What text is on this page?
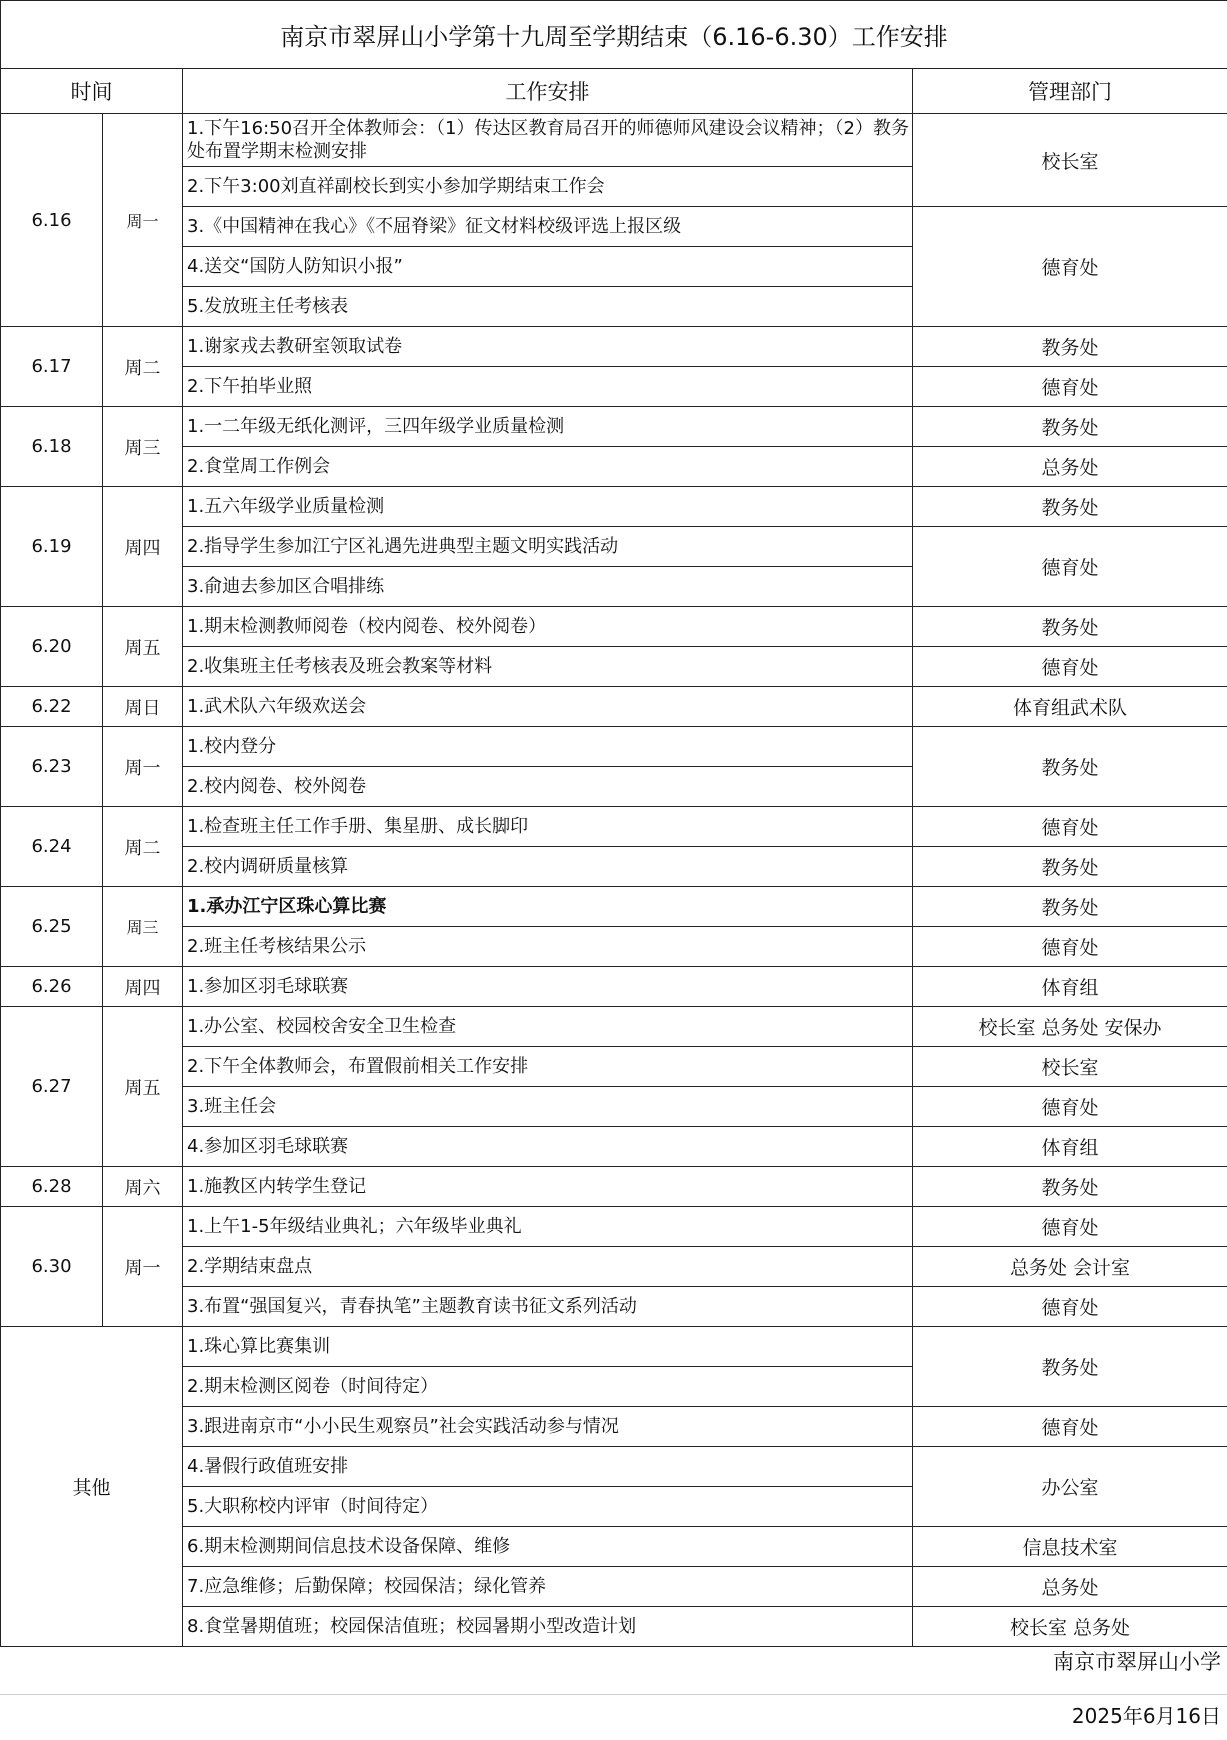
南京市翠屏山小学第十九周至学期结束（6.16-6.30）工作安排			
时间		工作安排	管理部门
6.16	周一	1.下午16:50召开全体教师会：（1）传达区教育局召开的师德师风建设会议精神；（2）教务处布置学期末检测安排	校长室
		2.下午3:00刘直祥副校长到实小参加学期结束工作会	
		3.《中国精神在我心》《不屈脊梁》征文材料校级评选上报区级	德育处
		4.送交“国防人防知识小报”	
		5.发放班主任考核表	
6.17	周二	1.谢家戎去教研室领取试卷	教务处
		2.下午拍毕业照	德育处
6.18	周三	1.一二年级无纸化测评，三四年级学业质量检测	教务处
		2.食堂周工作例会	总务处
6.19	周四	1.五六年级学业质量检测	教务处
		2.指导学生参加江宁区礼遇先进典型主题文明实践活动	德育处
		3.俞迪去参加区合唱排练	
6.20	周五	1.期末检测教师阅卷（校内阅卷、校外阅卷）	教务处
		2.收集班主任考核表及班会教案等材料	德育处
6.22	周日	1.武术队六年级欢送会	体育组武术队
6.23	周一	1.校内登分	教务处
		2.校内阅卷、校外阅卷	
6.24	周二	1.检查班主任工作手册、集星册、成长脚印	德育处
		2.校内调研质量核算	教务处
6.25	周三	1.承办江宁区珠心算比赛	教务处
		2.班主任考核结果公示	德育处
6.26	周四	1.参加区羽毛球联赛	体育组
6.27	周五	1.办公室、校园校舍安全卫生检查	校长室 总务处 安保办
		2.下午全体教师会，布置假前相关工作安排	校长室
		3.班主任会	德育处
		4.参加区羽毛球联赛	体育组
6.28	周六	1.施教区内转学生登记	教务处
6.30	周一	1.上午1-5年级结业典礼；六年级毕业典礼	德育处
		2.学期结束盘点	总务处 会计室
		3.布置“强国复兴，青春执笔”主题教育读书征文系列活动	德育处
其他		1.珠心算比赛集训	教务处
		2.期末检测区阅卷（时间待定）	
		3.跟进南京市“小小民生观察员”社会实践活动参与情况	德育处
		4.暑假行政值班安排	办公室
		5.大职称校内评审（时间待定）	
		6.期末检测期间信息技术设备保障、维修	信息技术室
		7.应急维修；后勤保障；校园保洁；绿化管养	总务处
		8.食堂暑期值班；校园保洁值班；校园暑期小型改造计划	校长室 总务处
南京市翠屏山小学
2025年6月16日
